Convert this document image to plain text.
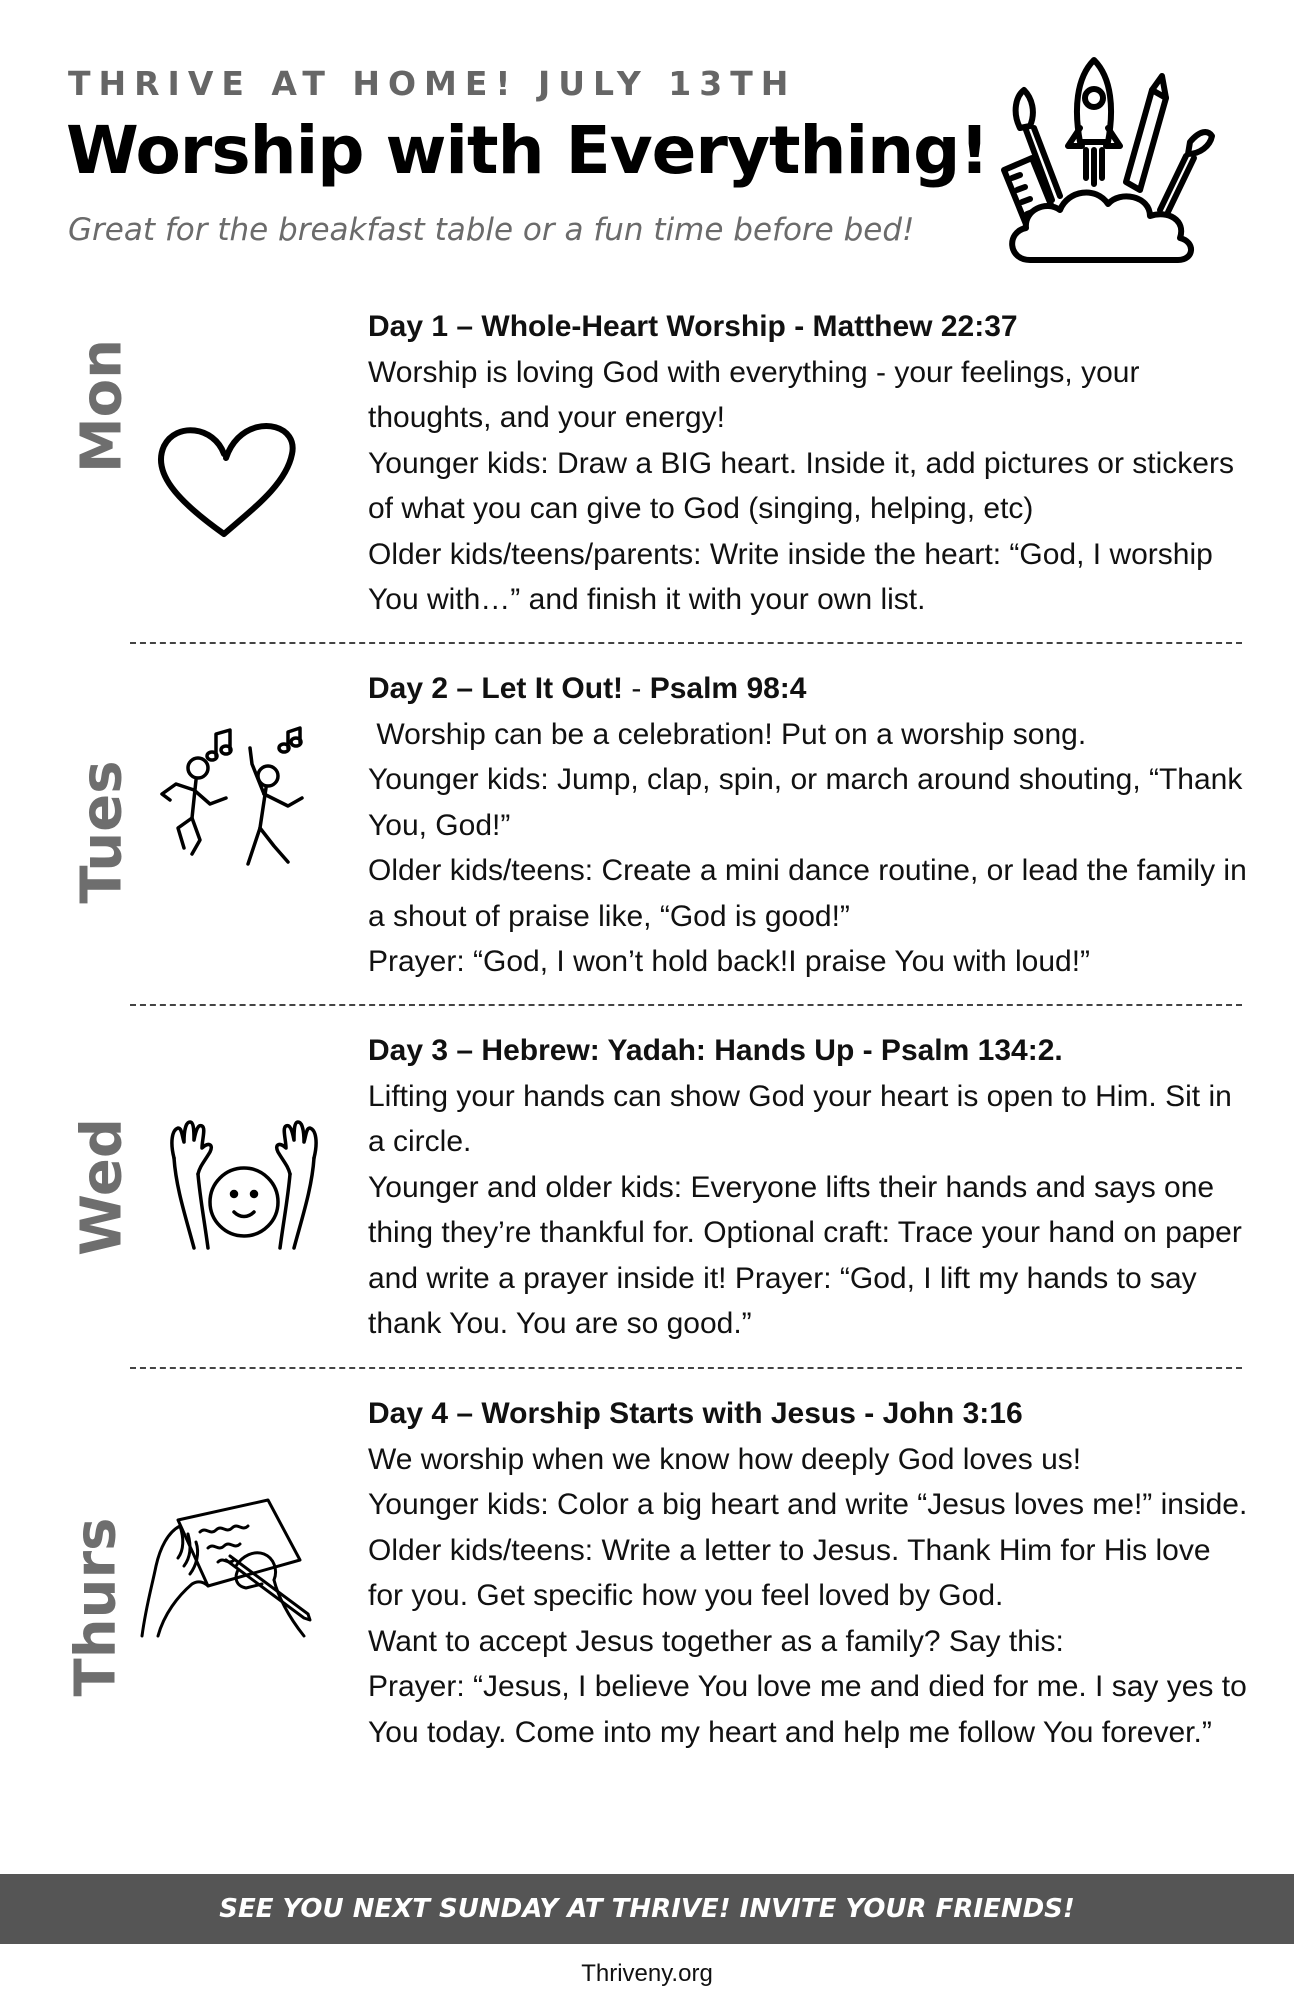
THRIVE AT HOME! JULY 13TH
Worship with Everything!
Great for the breakfast table or a fun time before bed!
Mon
Tues
Wed
Thurs

Day 1 – Whole-Heart Worship - Matthew 22:37

Worship is loving God with everything - your feelings, your thoughts, and your energy!

Younger kids: Draw a BIG heart. Inside it, add pictures or stickers of what you can give to God (singing, helping, etc)

Older kids/teens/parents: Write inside the heart: “God, I worship You with…” and finish it with your own list.

Day 2 – Let It Out! - Psalm 98:4

Worship can be a celebration! Put on a worship song.

Younger kids: Jump, clap, spin, or march around shouting, “Thank You, God!”

Older kids/teens: Create a mini dance routine, or lead the family in a shout of praise like, “God is good!”

Prayer: “God, I won’t hold back!I praise You with loud!”

Day 3 – Hebrew: Yadah: Hands Up - Psalm 134:2.

Lifting your hands can show God your heart is open to Him. Sit in a circle.

Younger and older kids: Everyone lifts their hands and says one thing they’re thankful for. Optional craft: Trace your hand on paper and write a prayer inside it! Prayer: “God, I lift my hands to say thank You. You are so good.”

Day 4 – Worship Starts with Jesus - John 3:16

We worship when we know how deeply God loves us!

Younger kids: Color a big heart and write “Jesus loves me!” inside.

Older kids/teens: Write a letter to Jesus. Thank Him for His love for you. Get specific how you feel loved by God.

Want to accept Jesus together as a family? Say this:

Prayer: “Jesus, I believe You love me and died for me. I say yes to You today. Come into my heart and help me follow You forever.”

SEE YOU NEXT SUNDAY AT THRIVE! INVITE YOUR FRIENDS!
Thriveny.org
